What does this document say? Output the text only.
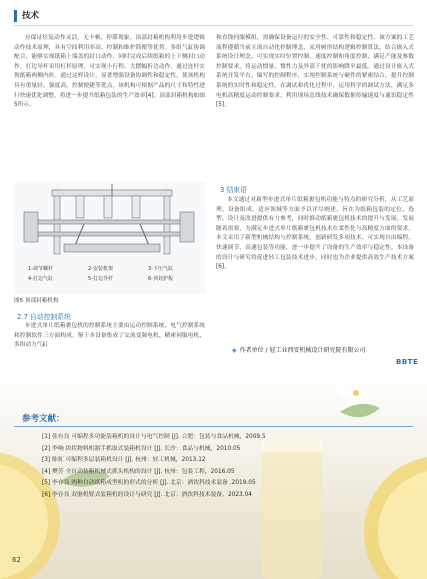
技术

应保证往复动作灵活，无卡顿、停滞现象。顶部封箱机构利用步进逻辑动作技术原理，具有空间利用率高、控制和维护简便等优势。多组气缸协调配合，能够实现纸箱上端盖的封口动作，同时完成后续纸箱的上下侧封口动作。打边导杆采用杠杆原理，可实现小行程、大摆幅折边动作，通过连杆实现纸箱两侧内折。通过这样设计，显著增强设备协调性和稳定性，使该机构具有重量轻、强度高、控制便捷等优点。该机构可根据产品的尺寸和特性进行快速优化调整，将进一步提升纸箱包装的生产效率[4]。顶部封箱机构如图5所示。

1-调节螺杆	2-安装机架	3-下压气缸
4-打边气缸	5-打边导杆	6-顶封护板
图5 顶部封箱机构
2.7 自动控制系统

步进式单片纸箱裹包机的控制系统主要由运动控制系统、电气控制系统和控制软件三方面构成。鉴于本设备集成了交流变频电机、精密伺服电机、多组动力气缸

和直线伺服模组，需确保设备运行的安全性、可靠性和稳定性。该方案的工艺流程遵循当前主流自动化控制理念，采用树形结构逻辑控制算法，结合嵌入式系统设计理念，可实现实时位置控制、速度控制和角度控制，满足产能及参数控制要求，将运动惯量、惯性力及外部干扰的影响降至最低。通过设计嵌入式系统开发平台，编写的控制程序，实现控制系统与硬件的紧密结合，提升控制系统的实时性和稳定性。在调试和优化过程中，运用科学的调试方法，满足多电机高精度运动控制要求，利用现场总线技术确保数据传输速度与通讯稳定性[5]。

3 结束语

本文通过对新型步进式单片纸箱裹包机功能与特点的研究分析，从工艺原理、设备组成、适应领域等方面予以详尽阐述，旨在为纸箱包装的定位、选型、设计及改进提供有力参考，同时推动纸箱裹包机技术的提升与发展。发展随着需要，为满足步进式单片纸箱裹包机技术在柔性化与高精度方面的要求，本文采用了新型机械结构与控制系统，创新研发多项技术。可实现自由编程、快速调节、高速包装等功能，进一步提升了设备的生产效率与稳定性。本设备的设计与研究将促进轻工包装技术进步，同时也为企业提供高效生产技术方案[6]。

◈ 作者单位 / 轻工业西安机械设计研究院有限公司
BBTE
参考文献：
[1] 张有良 可编程多功能装箱机的设计与电气控制 [J]. 合肥：包装与食品机械，2009.5
[2] 李响 块状物料机器手抓取式装箱机设计 [J]. 长沙：食品与机械，2010.05
[3] 陈虹 可编程多层装箱机设计 [J]. 杭州：轻工机械，2013.12
[4] 樊芳 全自动装箱机械式抓头机构的设计 [J]. 杭州：包装工程，2016.05
[5] 李存良 两种自动纸箱成型机的形式的分析 [J]. 北京：酒饮科技术装备 .2019.05
[6] 李存良 双驱机臂式装箱机的设计与研究 [J]. 北京：酒饮科技术装备，2023.04
62
